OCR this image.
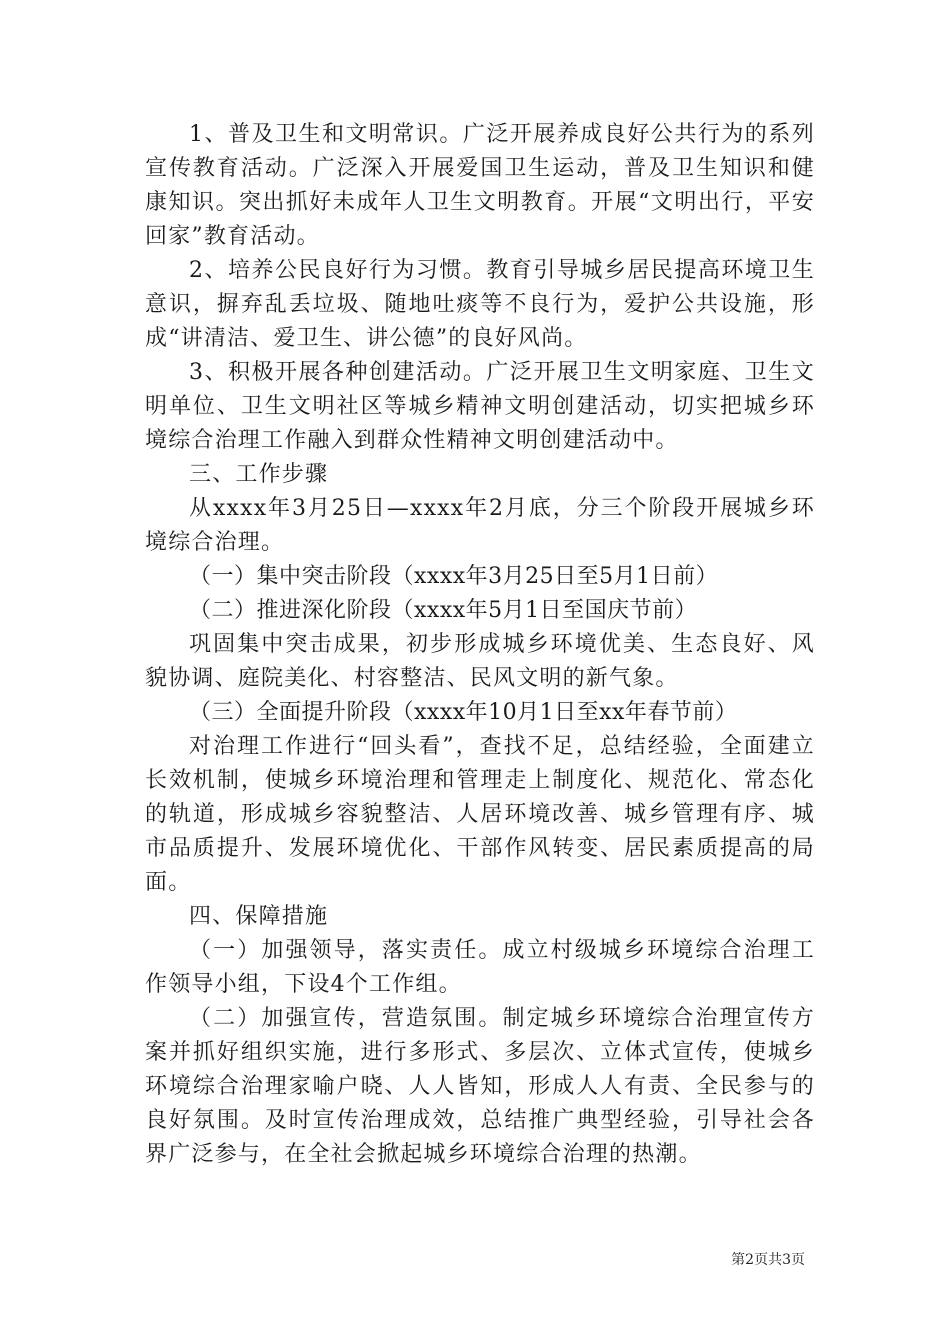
1、普及卫生和文明常识。广泛开展养成良好公共行为的系列宣传教育活动。广泛深入开展爱国卫生运动，普及卫生知识和健康知识。突出抓好未成年人卫生文明教育。开展“文明出行，平安回家”教育活动。

2、培养公民良好行为习惯。教育引导城乡居民提高环境卫生意识，摒弃乱丢垃圾、随地吐痰等不良行为，爱护公共设施，形成“讲清洁、爱卫生、讲公德”的良好风尚。

3、积极开展各种创建活动。广泛开展卫生文明家庭、卫生文明单位、卫生文明社区等城乡精神文明创建活动，切实把城乡环境综合治理工作融入到群众性精神文明创建活动中。

三、工作步骤

从xxxx年3月25日—xxxx年2月底，分三个阶段开展城乡环境综合治理。

（一）集中突击阶段（xxxx年3月25日至5月1日前）

（二）推进深化阶段（xxxx年5月1日至国庆节前）

巩固集中突击成果，初步形成城乡环境优美、生态良好、风貌协调、庭院美化、村容整洁、民风文明的新气象。

（三）全面提升阶段（xxxx年10月1日至xx年春节前）

对治理工作进行“回头看”，查找不足，总结经验，全面建立长效机制，使城乡环境治理和管理走上制度化、规范化、常态化的轨道，形成城乡容貌整洁、人居环境改善、城乡管理有序、城市品质提升、发展环境优化、干部作风转变、居民素质提高的局面。

四、保障措施

（一）加强领导，落实责任。成立村级城乡环境综合治理工作领导小组，下设4个工作组。

（二）加强宣传，营造氛围。制定城乡环境综合治理宣传方案并抓好组织实施，进行多形式、多层次、立体式宣传，使城乡环境综合治理家喻户晓、人人皆知，形成人人有责、全民参与的良好氛围。及时宣传治理成效，总结推广典型经验，引导社会各界广泛参与，在全社会掀起城乡环境综合治理的热潮。

第2页共3页
